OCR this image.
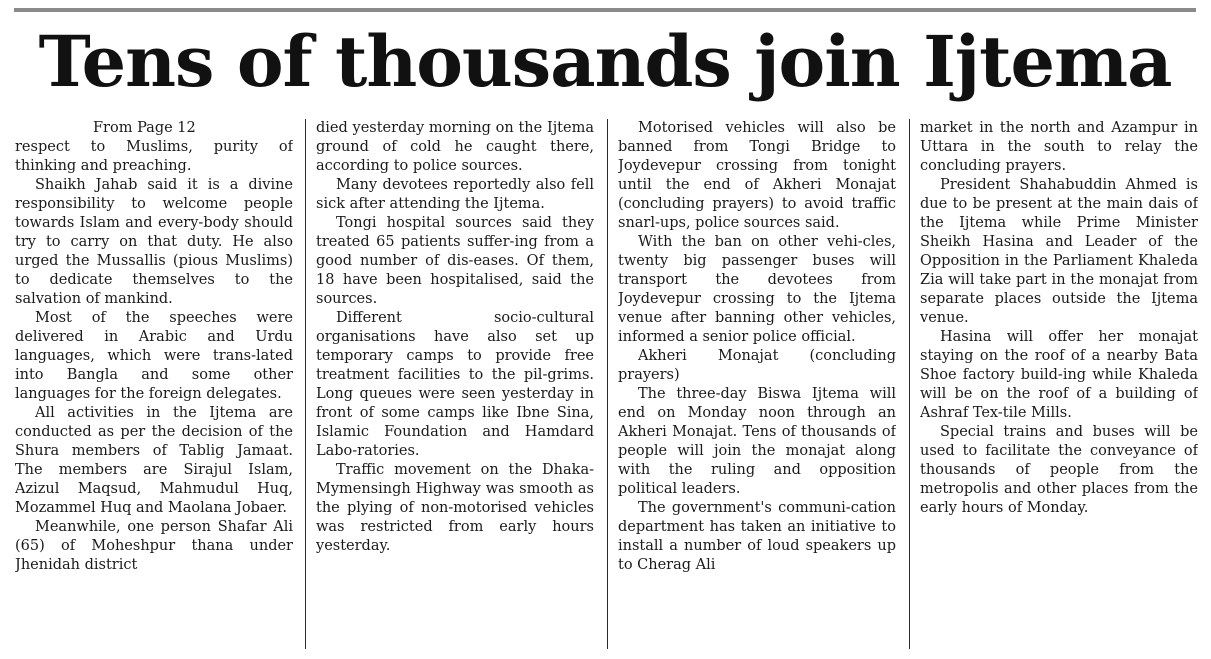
Tens of thousands join Ijtema

From Page 12

respect to Muslims, purity of thinking and preaching.

Shaikh Jahab said it is a divine responsibility to welcome people towards Islam and every-body should try to carry on that duty. He also urged the Mussallis (pious Muslims) to dedicate themselves to the salvation of mankind.

Most of the speeches were delivered in Arabic and Urdu languages, which were trans-lated into Bangla and some other languages for the foreign delegates.

All activities in the Ijtema are conducted as per the decision of the Shura members of Tablig Jamaat. The members are Sirajul Islam, Azizul Maqsud, Mahmudul Huq, Mozammel Huq and Maolana Jobaer.

Meanwhile, one person Shafar Ali (65) of Moheshpur thana under Jhenidah district

died yesterday morning on the Ijtema ground of cold he caught there, according to police sources.

Many devotees reportedly also fell sick after attending the Ijtema.

Tongi hospital sources said they treated 65 patients suffer-ing from a good number of dis-eases. Of them, 18 have been hospitalised, said the sources.

Different socio-cultural organisations have also set up temporary camps to provide free treatment facilities to the pil-grims. Long queues were seen yesterday in front of some camps like Ibne Sina, Islamic Foundation and Hamdard Labo-ratories.

Traffic movement on the Dhaka-Mymensingh Highway was smooth as the plying of non-motorised vehicles was restricted from early hours yesterday.

Motorised vehicles will also be banned from Tongi Bridge to Joydevepur crossing from tonight until the end of Akheri Monajat (concluding prayers) to avoid traffic snarl-ups, police sources said.

With the ban on other vehi-cles, twenty big passenger buses will transport the devotees from Joydevepur crossing to the Ijtema venue after banning other vehicles, informed a senior police official.

Akheri Monajat (concluding prayers)

The three-day Biswa Ijtema will end on Monday noon through an Akheri Monajat. Tens of thousands of people will join the monajat along with the ruling and opposition political leaders.

The government's communi-cation department has taken an initiative to install a number of loud speakers up to Cherag Ali

market in the north and Azampur in Uttara in the south to relay the concluding prayers.

President Shahabuddin Ahmed is due to be present at the main dais of the Ijtema while Prime Minister Sheikh Hasina and Leader of the Opposition in the Parliament Khaleda Zia will take part in the monajat from separate places outside the Ijtema venue.

Hasina will offer her monajat staying on the roof of a nearby Bata Shoe factory build-ing while Khaleda will be on the roof of a building of Ashraf Tex-tile Mills.

Special trains and buses will be used to facilitate the conveyance of thousands of people from the metropolis and other places from the early hours of Monday.
